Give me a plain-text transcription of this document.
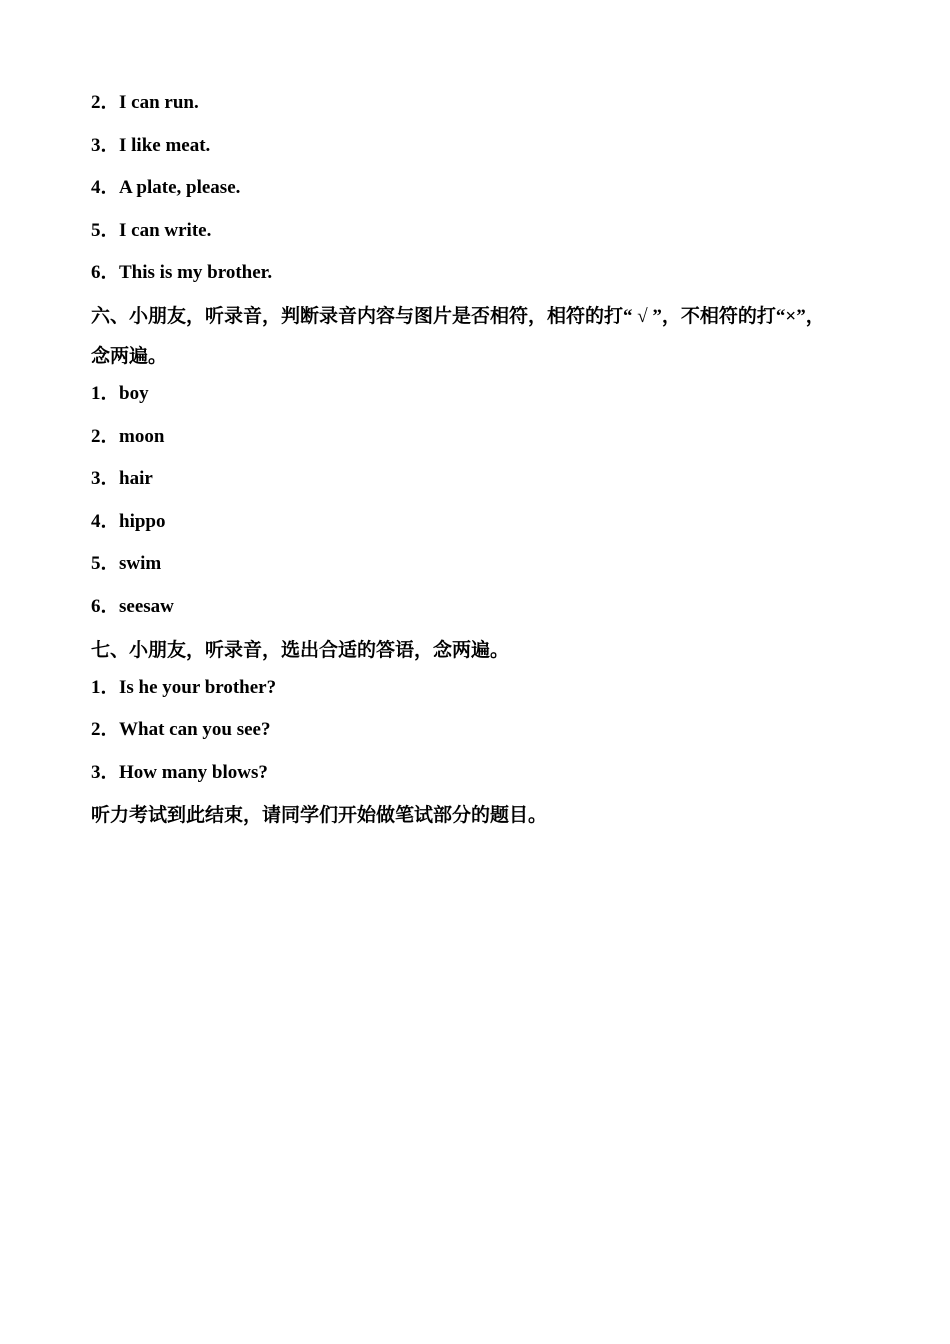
2．I can run.
3．I like meat.
4．A plate, please.
5．I can write.
6．This is my brother.
六、小朋友，听录音，判断录音内容与图片是否相符，相符的打“ √ ”，不相符的打“×”，
念两遍。
1．boy
2．moon
3．hair
4．hippo
5．swim
6．seesaw
七、小朋友，听录音，选出合适的答语，念两遍。
1．Is he your brother?
2．What can you see?
3．How many blows?
听力考试到此结束，请同学们开始做笔试部分的题目。
